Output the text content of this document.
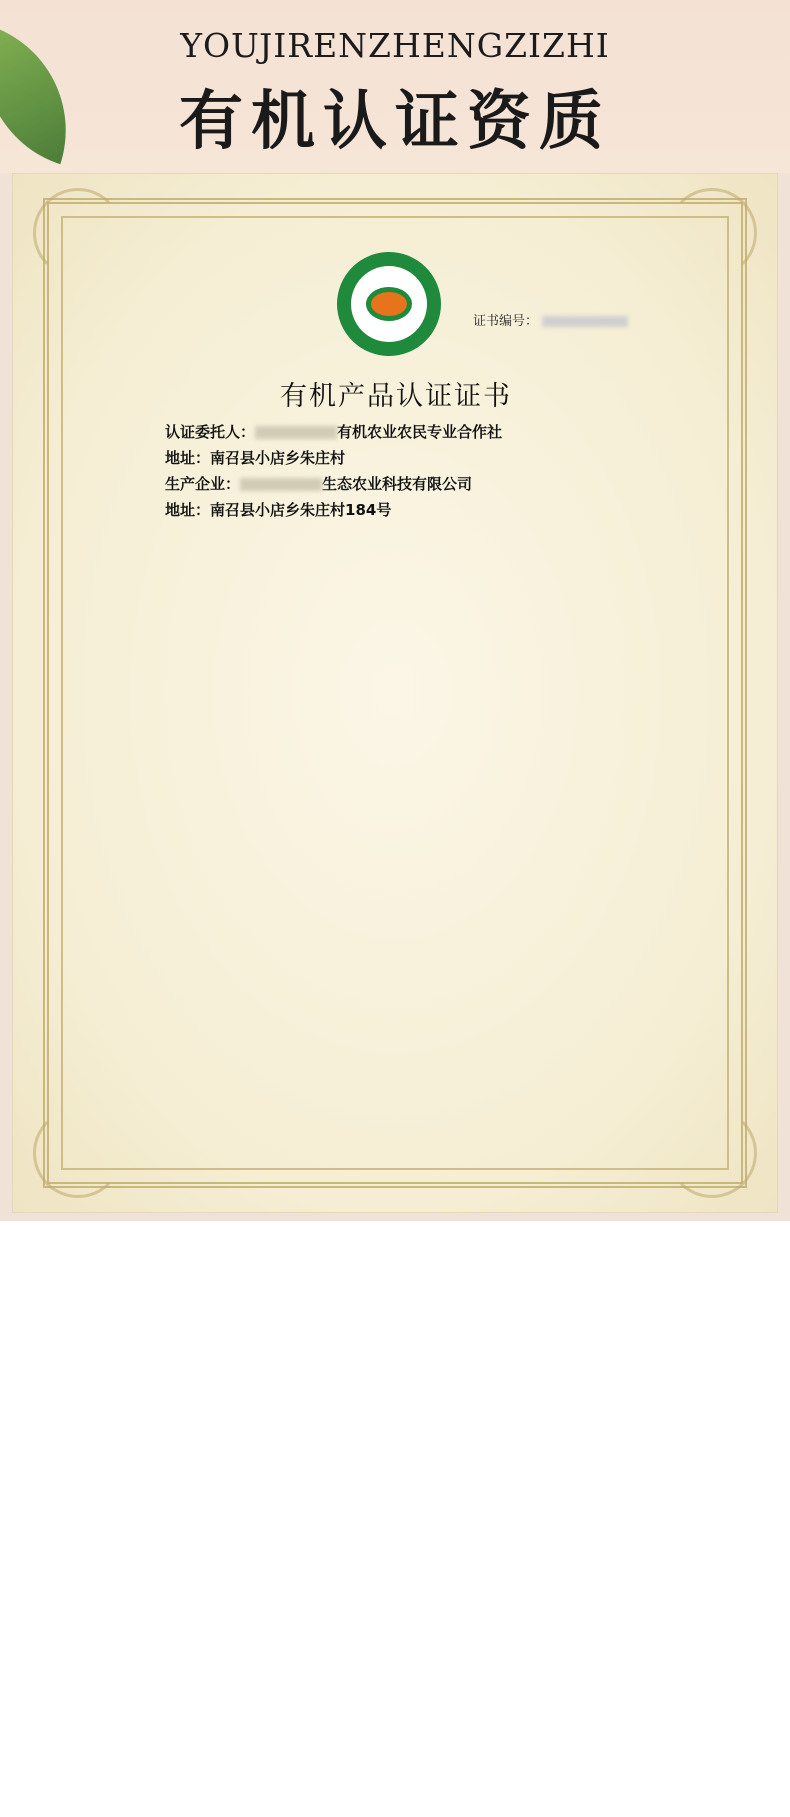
YOUJIRENZHENGZIZHI
有机认证资质
证书编号：
有机产品认证证书
认证委托人：	有机农业农民专业合作社
地址：南召县小店乡朱庄村
生产企业：	生态农业科技有限公司
地址：南召县小店乡朱庄村184号
